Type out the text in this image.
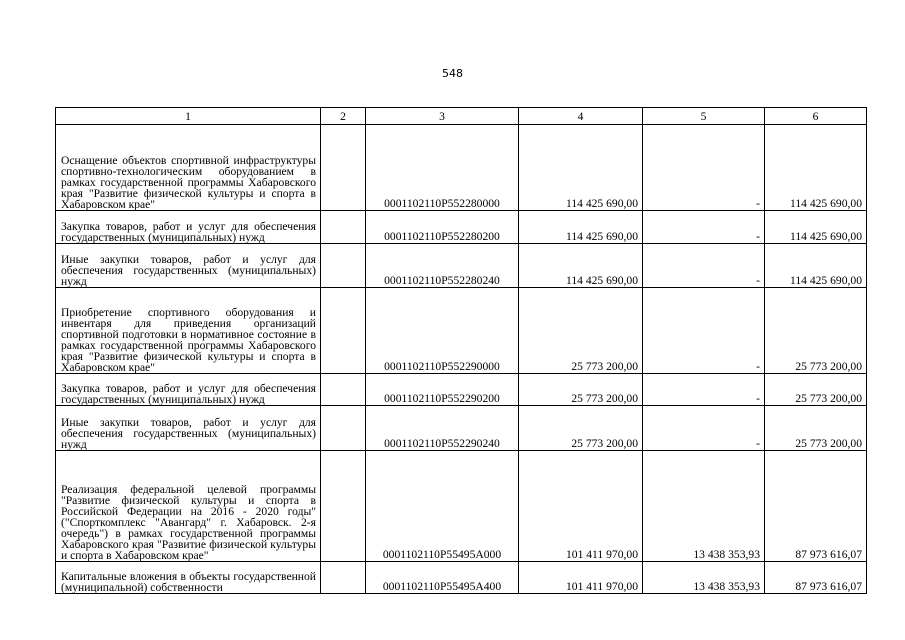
548
1	2	3	4	5	6
Оснащение объектов спортивной инфраструктуры спортивно-технологическим оборудованием в рамках государственной программы Хабаровского края "Развитие физической культуры и спорта в Хабаровском крае"		0001102110P552280000	114 425 690,00	-	114 425 690,00
Закупка товаров, работ и услуг для обеспечения государственных (муниципальных) нужд		0001102110P552280200	114 425 690,00	-	114 425 690,00
Иные закупки товаров, работ и услуг для обеспечения государственных (муниципальных) нужд		0001102110P552280240	114 425 690,00	-	114 425 690,00
Приобретение спортивного оборудования и инвентаря для приведения организаций спортивной подготовки в нормативное состояние в рамках государственной программы Хабаровского края "Развитие физической культуры и спорта в Хабаровском крае"		0001102110P552290000	25 773 200,00	-	25 773 200,00
Закупка товаров, работ и услуг для обеспечения государственных (муниципальных) нужд		0001102110P552290200	25 773 200,00	-	25 773 200,00
Иные закупки товаров, работ и услуг для обеспечения государственных (муниципальных) нужд		0001102110P552290240	25 773 200,00	-	25 773 200,00
Реализация федеральной целевой программы "Развитие физической культуры и спорта в Российской Федерации на 2016 - 2020 годы" ("Спорткомплекс "Авангард" г. Хабаровск. 2-я очередь") в рамках государственной программы Хабаровского края "Развитие физической культуры и спорта в Хабаровском крае"		0001102110P55495A000	101 411 970,00	13 438 353,93	87 973 616,07
Капитальные вложения в объекты государственной (муниципальной) собственности		0001102110P55495A400	101 411 970,00	13 438 353,93	87 973 616,07
